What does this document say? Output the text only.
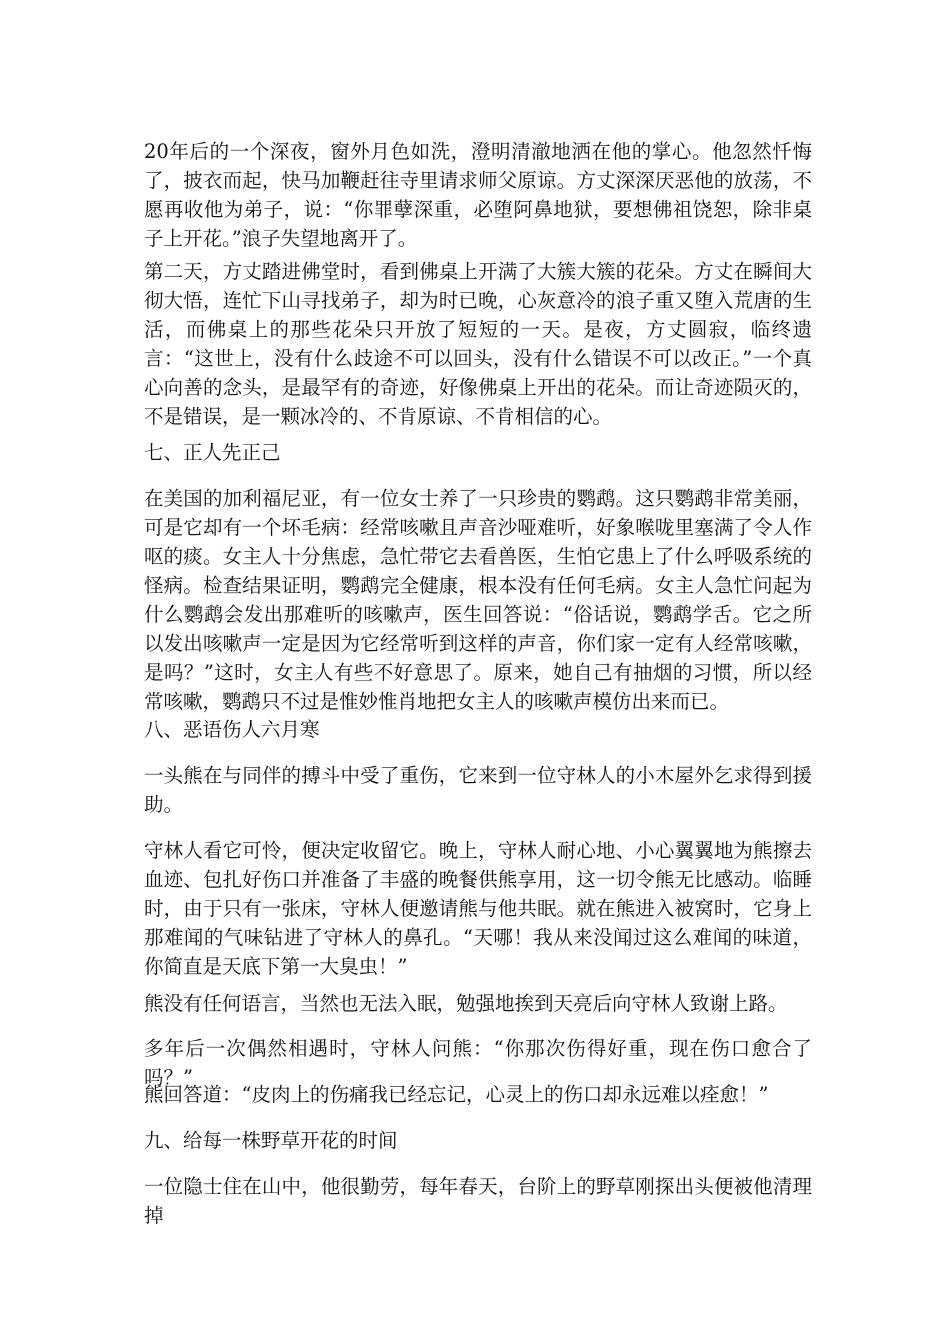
20年后的一个深夜，窗外月色如洗，澄明清澈地洒在他的掌心。他忽然忏悔了，披衣而起，快马加鞭赶往寺里请求师父原谅。方丈深深厌恶他的放荡，不愿再收他为弟子，说：“你罪孽深重，必堕阿鼻地狱，要想佛祖饶恕，除非桌子上开花。”浪子失望地离开了。

第二天，方丈踏进佛堂时，看到佛桌上开满了大簇大簇的花朵。方丈在瞬间大彻大悟，连忙下山寻找弟子，却为时已晚，心灰意冷的浪子重又堕入荒唐的生活，而佛桌上的那些花朵只开放了短短的一天。是夜，方丈圆寂，临终遗言：“这世上，没有什么歧途不可以回头，没有什么错误不可以改正。”一个真心向善的念头，是最罕有的奇迹，好像佛桌上开出的花朵。而让奇迹陨灭的，不是错误，是一颗冰冷的、不肯原谅、不肯相信的心。

七、正人先正己

在美国的加利福尼亚，有一位女士养了一只珍贵的鹦鹉。这只鹦鹉非常美丽，可是它却有一个坏毛病：经常咳嗽且声音沙哑难听，好象喉咙里塞满了令人作呕的痰。女主人十分焦虑，急忙带它去看兽医，生怕它患上了什么呼吸系统的怪病。检查结果证明，鹦鹉完全健康，根本没有任何毛病。女主人急忙问起为什么鹦鹉会发出那难听的咳嗽声，医生回答说：“俗话说，鹦鹉学舌。它之所以发出咳嗽声一定是因为它经常听到这样的声音，你们家一定有人经常咳嗽，是吗？”这时，女主人有些不好意思了。原来，她自己有抽烟的习惯，所以经常咳嗽，鹦鹉只不过是惟妙惟肖地把女主人的咳嗽声模仿出来而已。

八、恶语伤人六月寒

一头熊在与同伴的搏斗中受了重伤，它来到一位守林人的小木屋外乞求得到援助。

守林人看它可怜，便决定收留它。晚上，守林人耐心地、小心翼翼地为熊擦去血迹、包扎好伤口并准备了丰盛的晚餐供熊享用，这一切令熊无比感动。临睡时，由于只有一张床，守林人便邀请熊与他共眠。就在熊进入被窝时，它身上那难闻的气味钻进了守林人的鼻孔。“天哪！我从来没闻过这么难闻的味道，你简直是天底下第一大臭虫！”

熊没有任何语言，当然也无法入眠，勉强地挨到天亮后向守林人致谢上路。

多年后一次偶然相遇时，守林人问熊：“你那次伤得好重，现在伤口愈合了吗？”

熊回答道：“皮肉上的伤痛我已经忘记，心灵上的伤口却永远难以痊愈！”

九、给每一株野草开花的时间

一位隐士住在山中，他很勤劳，每年春天，台阶上的野草刚探出头便被他清理掉
